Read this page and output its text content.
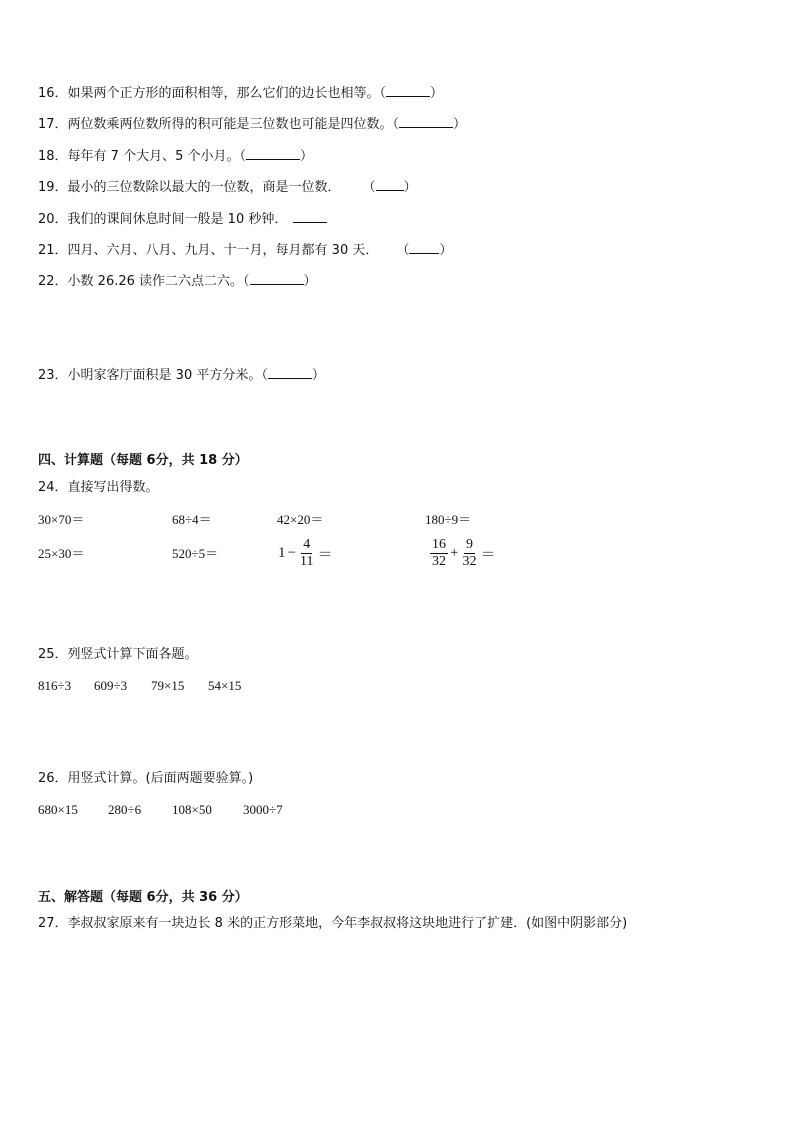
16．如果两个正方形的面积相等，那么它们的边长也相等。（	）
17．两位数乘两位数所得的积可能是三位数也可能是四位数。（	）
18．每年有 7 个大月、5 个小月。（	）
19．最小的三位数除以最大的一位数，商是一位数． （ ）
20．我们的课间休息时间一般是 10 秒钟．
21．四月、六月、八月、九月、十一月，每月都有 30 天． （ ）
22．小数 26.26 读作二六点二六。（	）
23．小明家客厅面积是 30 平方分米。（	）
四、计算题（每题 6分，共 18 分）
24．直接写出得数。
30×70＝	68÷4＝	42×20＝	180÷9＝
25×30＝	520÷5＝	$1 - \frac{4}{11}$ ＝	$\frac{16}{32} + \frac{9}{32}$ ＝
25．列竖式计算下面各题。
816÷3 609÷3 79×15 54×15
26．用竖式计算。(后面两题要验算。)
680×15 280÷6 108×50 3000÷7
五、解答题（每题 6分，共 36 分）
27．李叔叔家原来有一块边长 8 米的正方形菜地，今年李叔叔将这块地进行了扩建．(如图中阴影部分)
